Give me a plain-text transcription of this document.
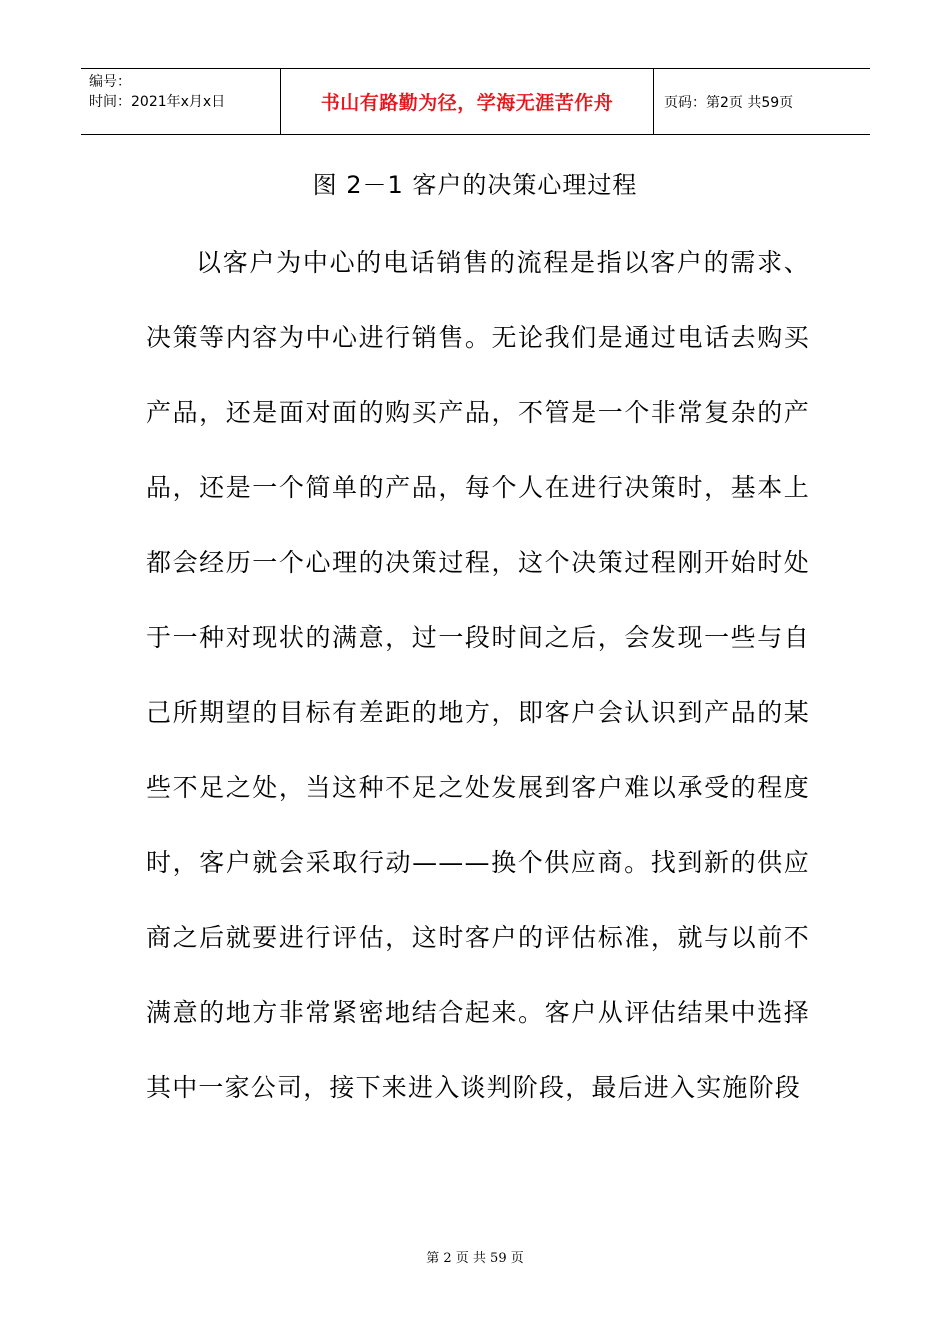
编号：
时间：2021年x月x日	书山有路勤为径，学海无涯苦作舟	页码：第2页 共59页
图 2－1 客户的决策心理过程

以客户为中心的电话销售的流程是指以客户的需求、决策等内容为中心进行销售。无论我们是通过电话去购买产品，还是面对面的购买产品，不管是一个非常复杂的产品，还是一个简单的产品，每个人在进行决策时，基本上都会经历一个心理的决策过程，这个决策过程刚开始时处于一种对现状的满意，过一段时间之后，会发现一些与自己所期望的目标有差距的地方，即客户会认识到产品的某些不足之处，当这种不足之处发展到客户难以承受的程度时，客户就会采取行动———换个供应商。找到新的供应商之后就要进行评估，这时客户的评估标准，就与以前不满意的地方非常紧密地结合起来。客户从评估结果中选择其中一家公司，接下来进入谈判阶段，最后进入实施阶段

第 2 页 共 59 页
